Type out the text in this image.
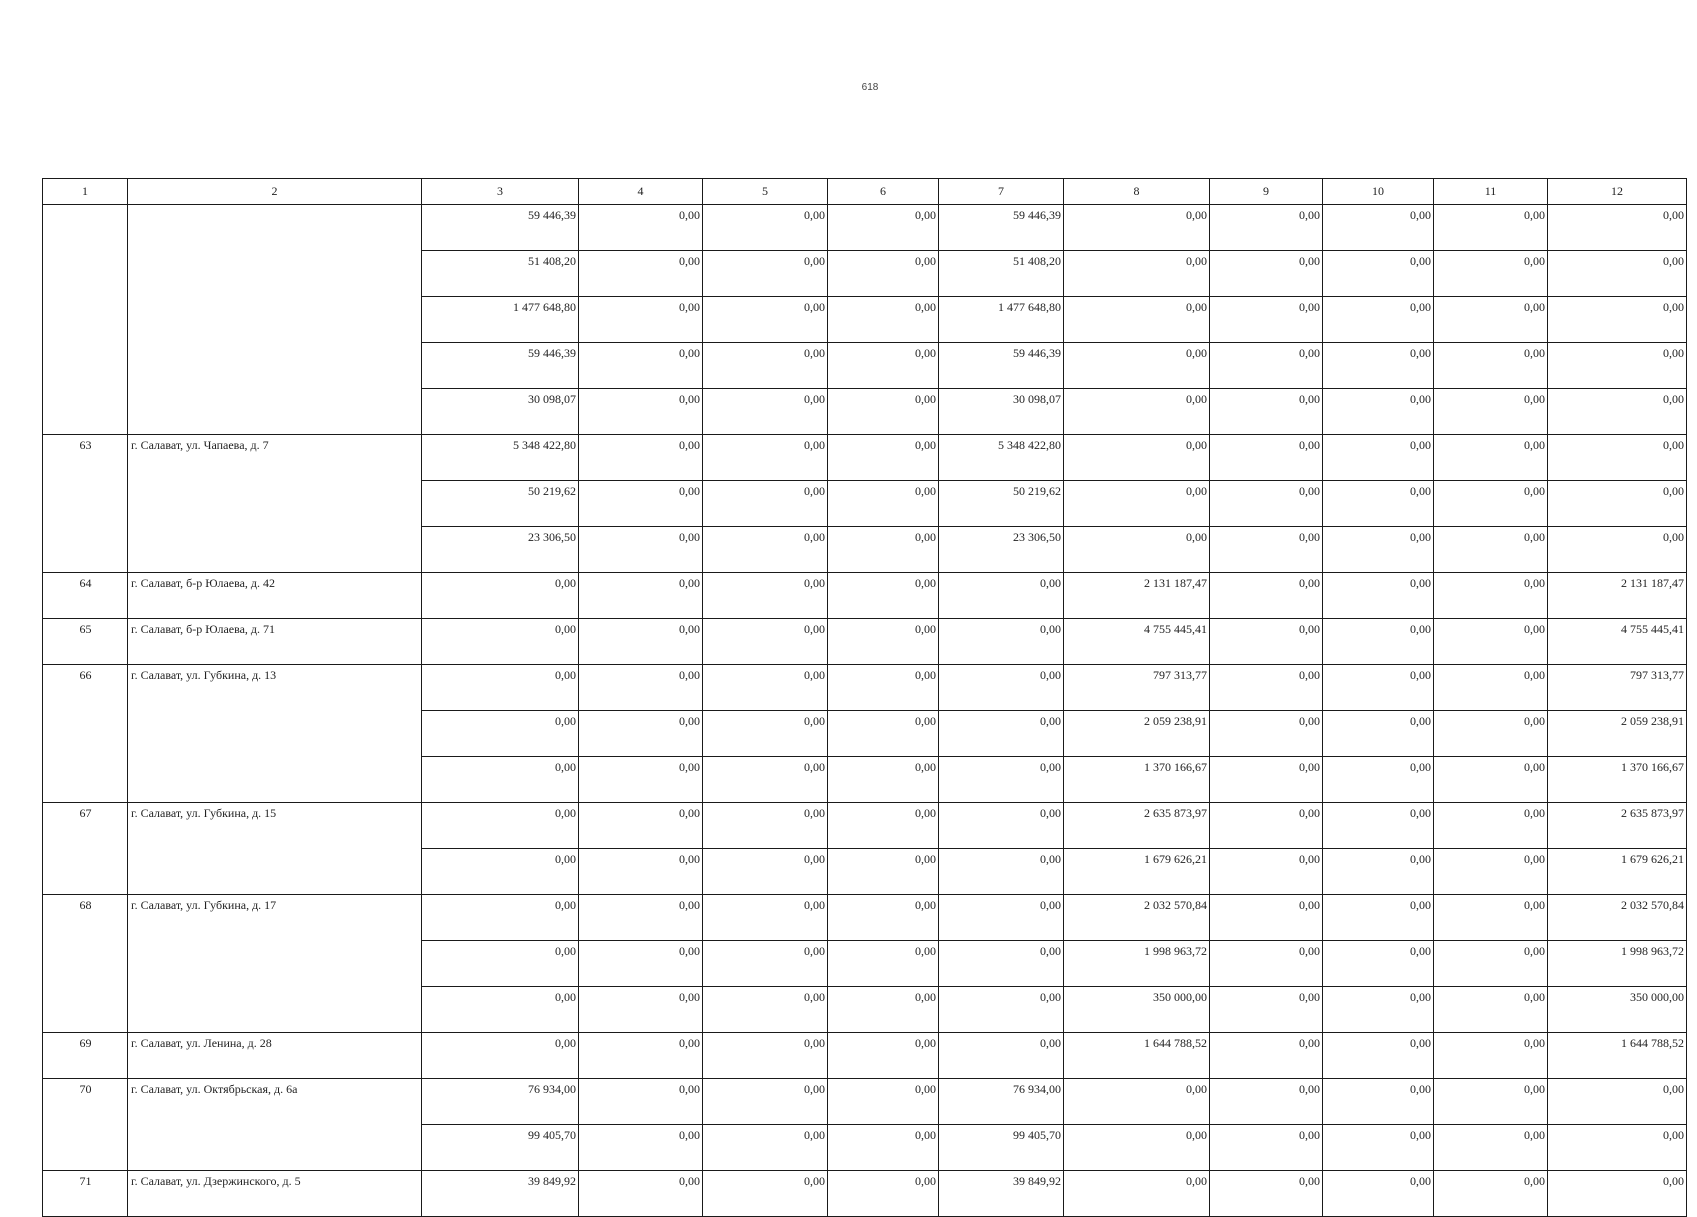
618
1	2	3	4	5	6	7	8	9	10	11	12
		59 446,39	0,00	0,00	0,00	59 446,39	0,00	0,00	0,00	0,00	0,00
		51 408,20	0,00	0,00	0,00	51 408,20	0,00	0,00	0,00	0,00	0,00
		1 477 648,80	0,00	0,00	0,00	1 477 648,80	0,00	0,00	0,00	0,00	0,00
		59 446,39	0,00	0,00	0,00	59 446,39	0,00	0,00	0,00	0,00	0,00
		30 098,07	0,00	0,00	0,00	30 098,07	0,00	0,00	0,00	0,00	0,00
63	г. Салават, ул. Чапаева, д. 7	5 348 422,80	0,00	0,00	0,00	5 348 422,80	0,00	0,00	0,00	0,00	0,00
		50 219,62	0,00	0,00	0,00	50 219,62	0,00	0,00	0,00	0,00	0,00
		23 306,50	0,00	0,00	0,00	23 306,50	0,00	0,00	0,00	0,00	0,00
64	г. Салават, б-р Юлаева, д. 42	0,00	0,00	0,00	0,00	0,00	2 131 187,47	0,00	0,00	0,00	2 131 187,47
65	г. Салават, б-р Юлаева, д. 71	0,00	0,00	0,00	0,00	0,00	4 755 445,41	0,00	0,00	0,00	4 755 445,41
66	г. Салават, ул. Губкина, д. 13	0,00	0,00	0,00	0,00	0,00	797 313,77	0,00	0,00	0,00	797 313,77
		0,00	0,00	0,00	0,00	0,00	2 059 238,91	0,00	0,00	0,00	2 059 238,91
		0,00	0,00	0,00	0,00	0,00	1 370 166,67	0,00	0,00	0,00	1 370 166,67
67	г. Салават, ул. Губкина, д. 15	0,00	0,00	0,00	0,00	0,00	2 635 873,97	0,00	0,00	0,00	2 635 873,97
		0,00	0,00	0,00	0,00	0,00	1 679 626,21	0,00	0,00	0,00	1 679 626,21
68	г. Салават, ул. Губкина, д. 17	0,00	0,00	0,00	0,00	0,00	2 032 570,84	0,00	0,00	0,00	2 032 570,84
		0,00	0,00	0,00	0,00	0,00	1 998 963,72	0,00	0,00	0,00	1 998 963,72
		0,00	0,00	0,00	0,00	0,00	350 000,00	0,00	0,00	0,00	350 000,00
69	г. Салават, ул. Ленина, д. 28	0,00	0,00	0,00	0,00	0,00	1 644 788,52	0,00	0,00	0,00	1 644 788,52
70	г. Салават, ул. Октябрьская, д. 6а	76 934,00	0,00	0,00	0,00	76 934,00	0,00	0,00	0,00	0,00	0,00
		99 405,70	0,00	0,00	0,00	99 405,70	0,00	0,00	0,00	0,00	0,00
71	г. Салават, ул. Дзержинского, д. 5	39 849,92	0,00	0,00	0,00	39 849,92	0,00	0,00	0,00	0,00	0,00
